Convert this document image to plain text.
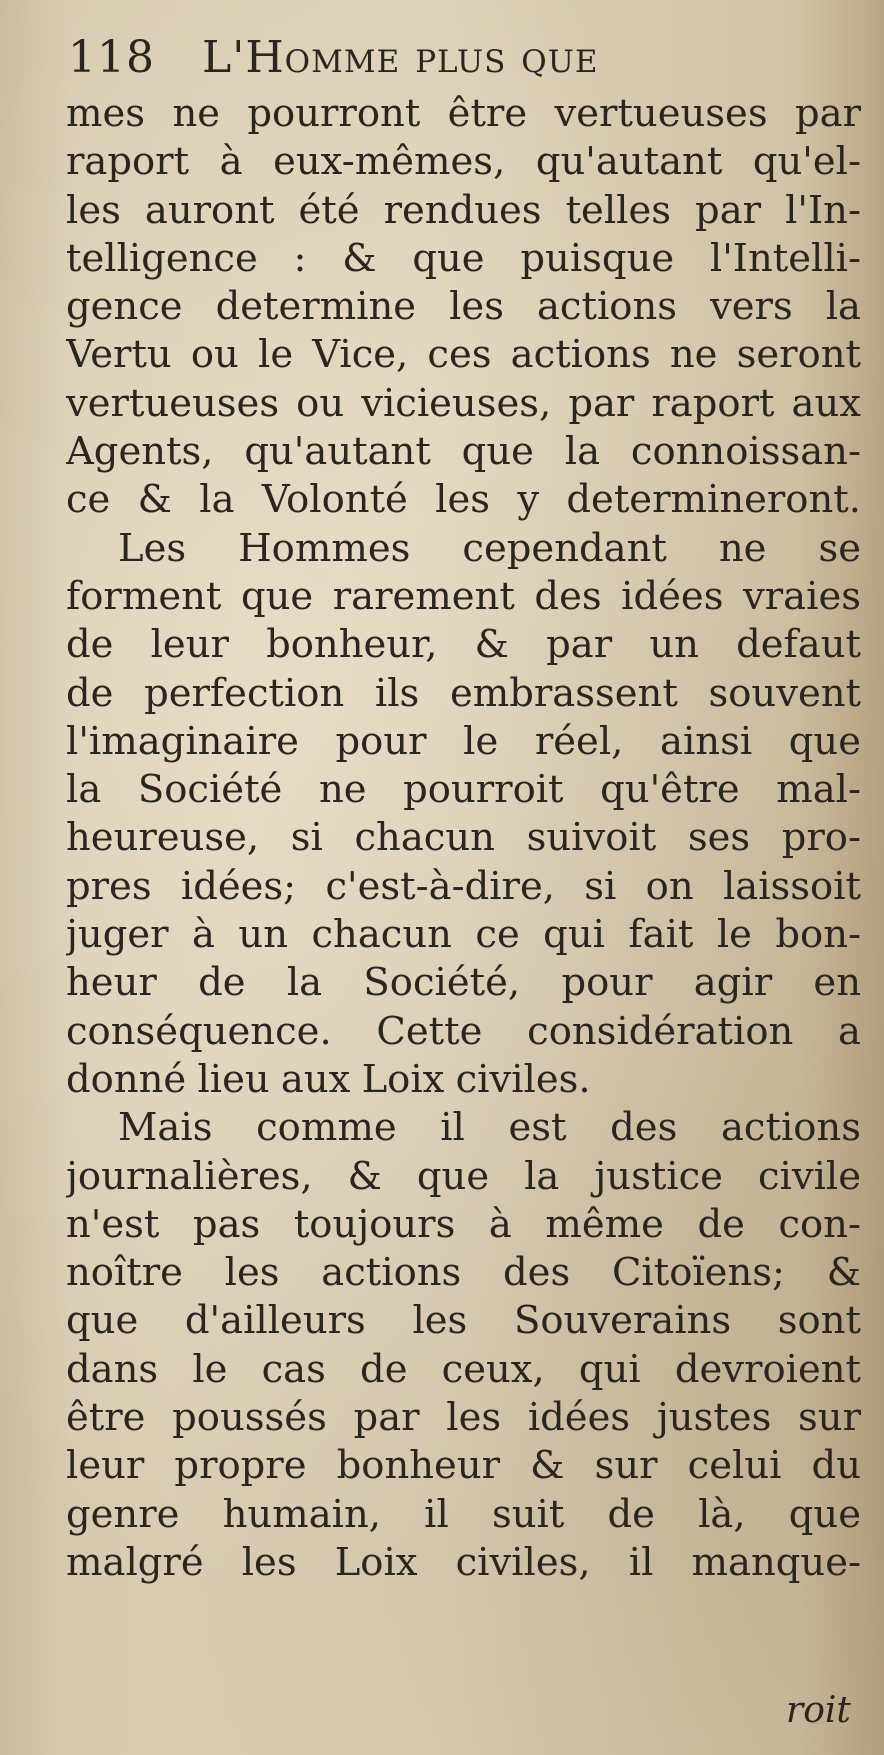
118 L'Homme plus que
mes ne pourront être vertueuses par
raport à eux-mêmes, qu'autant qu'el-
les auront été rendues telles par l'In-
telligence : & que puisque l'Intelli-
gence determine les actions vers la
Vertu ou le Vice, ces actions ne seront
vertueuses ou vicieuses, par raport aux
Agents, qu'autant que la connoissan-
ce & la Volonté les y determineront.
Les Hommes cependant ne se
forment que rarement des idées vraies
de leur bonheur, & par un defaut
de perfection ils embrassent souvent
l'imaginaire pour le réel, ainsi que
la Société ne pourroit qu'être mal-
heureuse, si chacun suivoit ses pro-
pres idées; c'est-à-dire, si on laissoit
juger à un chacun ce qui fait le bon-
heur de la Société, pour agir en
conséquence. Cette considération a
donné lieu aux Loix civiles.
Mais comme il est des actions
journalières, & que la justice civile
n'est pas toujours à même de con-
noître les actions des Citoïens; &
que d'ailleurs les Souverains sont
dans le cas de ceux, qui devroient
être poussés par les idées justes sur
leur propre bonheur & sur celui du
genre humain, il suit de là, que
malgré les Loix civiles, il manque-
roit
